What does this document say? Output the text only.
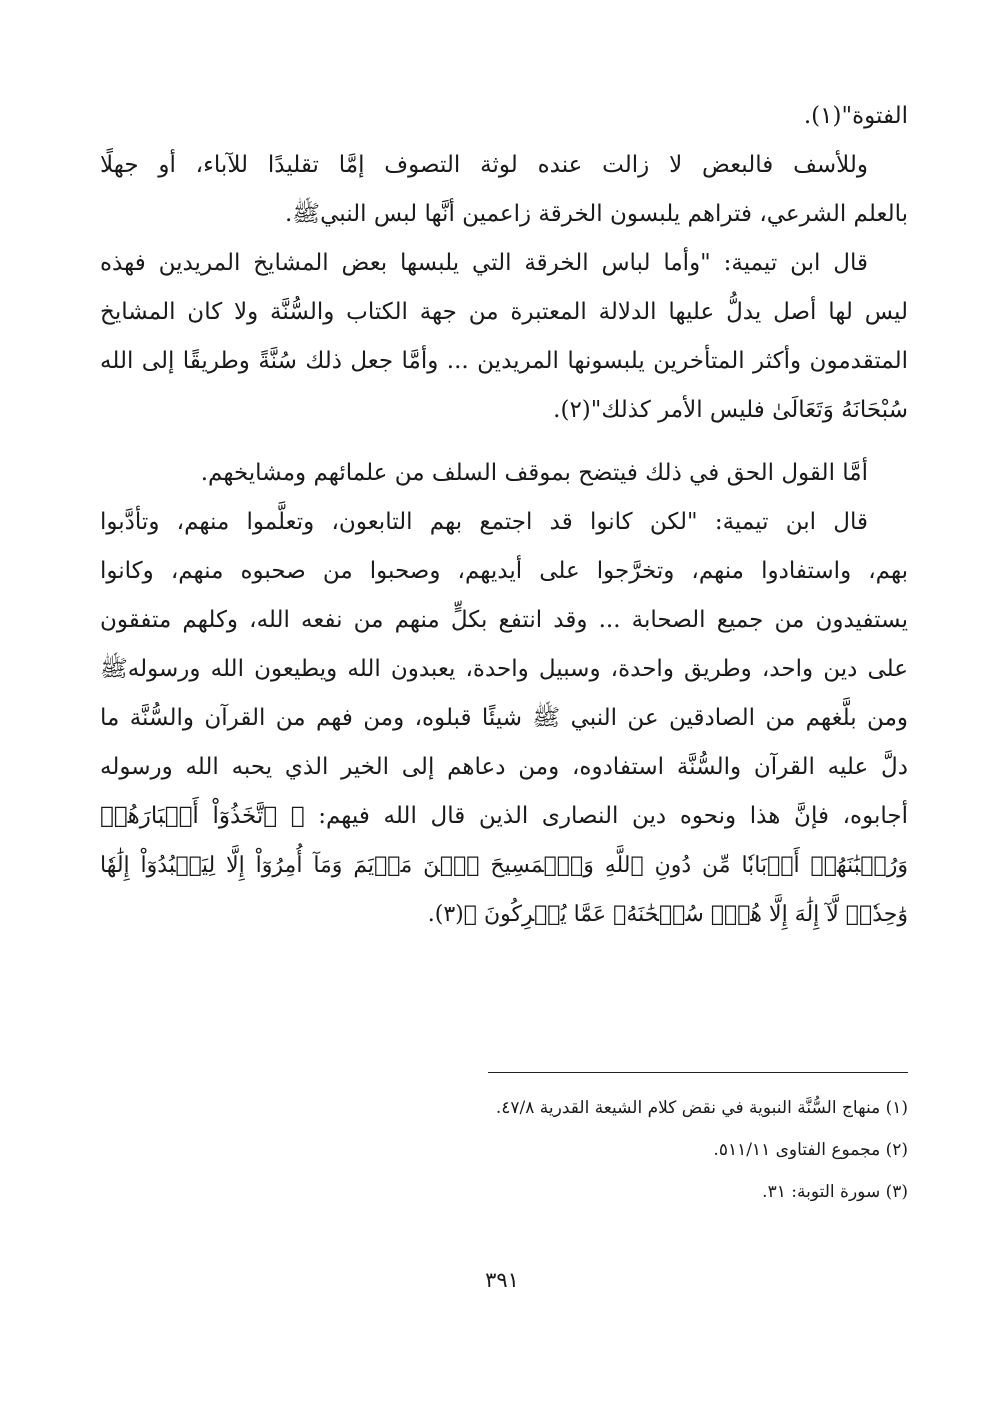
الفتوة"(١).
وللأسف فالبعض لا زالت عنده لوثة التصوف إمَّا تقليدًا للآباء، أو جهلًا
بالعلم الشرعي، فتراهم يلبسون الخرقة زاعمين أنَّها لبس النبيﷺ.
قال ابن تيمية: "وأما لباس الخرقة التي يلبسها بعض المشايخ المريدين فهذه
ليس لها أصل يدلُّ عليها الدلالة المعتبرة من جهة الكتاب والسُّنَّة ولا كان المشايخ
المتقدمون وأكثر المتأخرين يلبسونها المريدين ... وأمَّا جعل ذلك سُنَّةً وطريقًا إلى الله
سُبْحَانَهُ وَتَعَالَىٰ فليس الأمر كذلك"(٢).
أمَّا القول الحق في ذلك فيتضح بموقف السلف من علمائهم ومشايخهم.
قال ابن تيمية: "لكن كانوا قد اجتمع بهم التابعون، وتعلَّموا منهم، وتأدَّبوا
بهم، واستفادوا منهم، وتخرَّجوا على أيديهم، وصحبوا من صحبوه منهم، وكانوا
يستفيدون من جميع الصحابة ... وقد انتفع بكلٍّ منهم من نفعه الله، وكلهم متفقون
على دين واحد، وطريق واحدة، وسبيل واحدة، يعبدون الله ويطيعون الله ورسولهﷺ
ومن بلَّغهم من الصادقين عن النبي ﷺ شيئًا قبلوه، ومن فهم من القرآن والسُّنَّة ما
دلَّ عليه القرآن والسُّنَّة استفادوه، ومن دعاهم إلى الخير الذي يحبه الله ورسوله
أجابوه، فإنَّ هذا ونحوه دين النصارى الذين قال الله فيهم: ﴿ ٱتَّخَذُوٓاْ أَحۡبَارَهُمۡ
وَرُهۡبَٰنَهُمۡ أَرۡبَابٗا مِّن دُونِ ٱللَّهِ وَٱلۡمَسِيحَ ٱبۡنَ مَرۡيَمَ وَمَآ أُمِرُوٓاْ إِلَّا لِيَعۡبُدُوٓاْ إِلَٰهٗا
وَٰحِدٗاۖ لَّآ إِلَٰهَ إِلَّا هُوَۚ سُبۡحَٰنَهُۥ عَمَّا يُشۡرِكُونَ ﴾(٣).
(١) منهاج السُّنَّة النبوية في نقض كلام الشيعة القدرية ٤٧/٨.
(٢) مجموع الفتاوى ٥١١/١١.
(٣) سورة التوبة: ٣١.
٣٩١
